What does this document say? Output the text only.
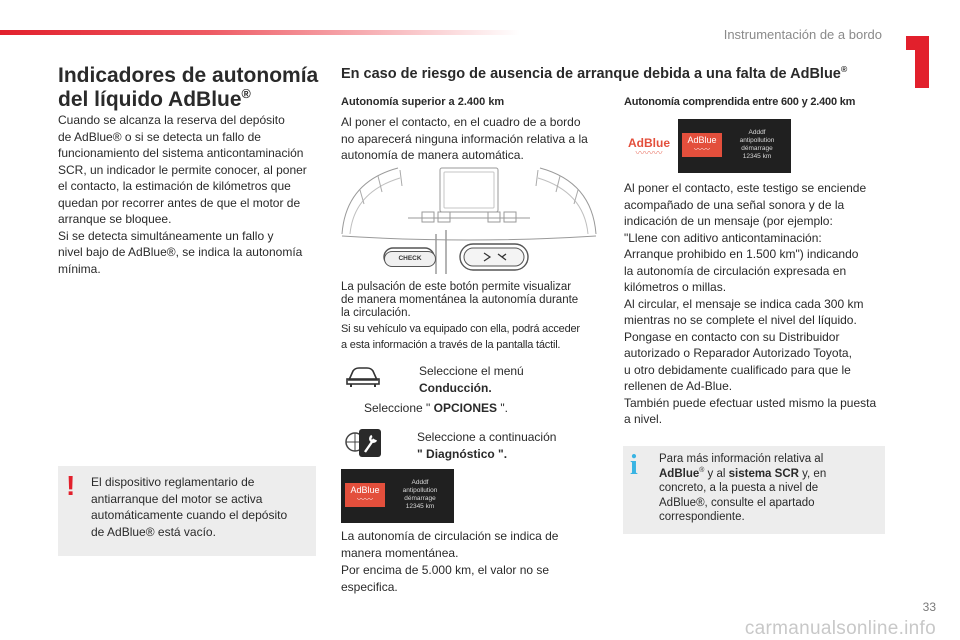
Instrumentación de a bordo
Indicadores de autonomía
del líquido AdBlue®
Cuando se alcanza la reserva del depósito
de AdBlue® o si se detecta un fallo de
funcionamiento del sistema anticontaminación
SCR, un indicador le permite conocer, al poner
el contacto, la estimación de kilómetros que
quedan por recorrer antes de que el motor de
arranque se bloquee.
Si se detecta simultáneamente un fallo y
nivel bajo de AdBlue®, se indica la autonomía
mínima.
! El dispositivo reglamentario de
antiarranque del motor se activa
automáticamente cuando el depósito
de AdBlue® está vacío.
En caso de riesgo de ausencia de arranque debida a una falta de AdBlue®
Autonomía superior a 2.400 km
Al poner el contacto, en el cuadro de a bordo
no aparecerá ninguna información relativa a la
autonomía de manera automática.
CHECK
La pulsación de este botón permite visualizar
de manera momentánea la autonomía durante
la circulación.
Si su vehículo va equipado con ella, podrá acceder
a esta información a través de la pantalla táctil.
Seleccione el menú
Conducción.
Seleccione " OPCIONES ".
Seleccione a continuación
" Diagnóstico ".
AdBlue
〰〰
Adddf
antipollution
démarrage
12345 km
La autonomía de circulación se indica de
manera momentánea.
Por encima de 5.000 km, el valor no se
especifica.
Autonomía comprendida entre 600 y 2.400 km
AdBlue
〰〰〰
AdBlue
〰〰
Adddf
antipollution
démarrage
12345 km
Al poner el contacto, este testigo se enciende
acompañado de una señal sonora y de la
indicación de un mensaje (por ejemplo:
"Llene con aditivo anticontaminación:
Arranque prohibido en 1.500 km") indicando
la autonomía de circulación expresada en
kilómetros o millas.
Al circular, el mensaje se indica cada 300 km
mientras no se complete el nivel del líquido.
Pongase en contacto con su Distribuidor
autorizado o Reparador Autorizado Toyota,
u otro debidamente cualificado para que le
rellenen de Ad-Blue.
También puede efectuar usted mismo la puesta
a nivel.
i Para más información relativa al
AdBlue® y al sistema SCR y, en
concreto, a la puesta a nivel de
AdBlue®, consulte el apartado
correspondiente.
carmanualsonline.info
33
